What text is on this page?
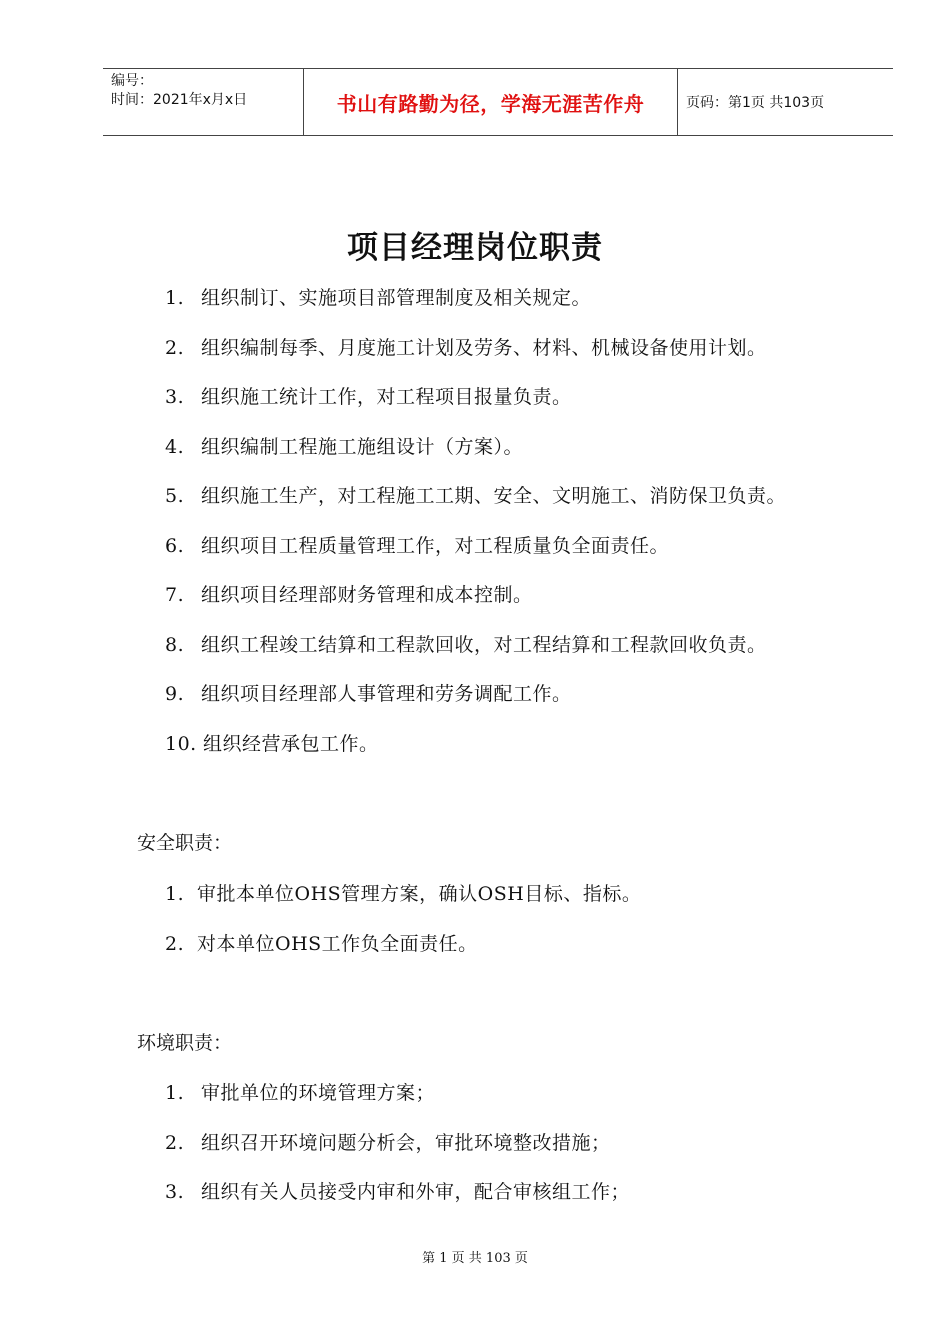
编号：
时间：2021年x月x日	书山有路勤为径，学海无涯苦作舟	页码：第1页 共103页
项目经理岗位职责
1. 组织制订、实施项目部管理制度及相关规定。
2. 组织编制每季、月度施工计划及劳务、材料、机械设备使用计划。
3. 组织施工统计工作，对工程项目报量负责。
4. 组织编制工程施工施组设计（方案）。
5. 组织施工生产，对工程施工工期、安全、文明施工、消防保卫负责。
6. 组织项目工程质量管理工作，对工程质量负全面责任。
7. 组织项目经理部财务管理和成本控制。
8. 组织工程竣工结算和工程款回收，对工程结算和工程款回收负责。
9. 组织项目经理部人事管理和劳务调配工作。
10. 组织经营承包工作。
安全职责：
1. 审批本单位OHS管理方案，确认OSH目标、指标。
2. 对本单位OHS工作负全面责任。
环境职责：
1. 审批单位的环境管理方案；
2. 组织召开环境问题分析会，审批环境整改措施；
3. 组织有关人员接受内审和外审，配合审核组工作；
第 1 页 共 103 页
